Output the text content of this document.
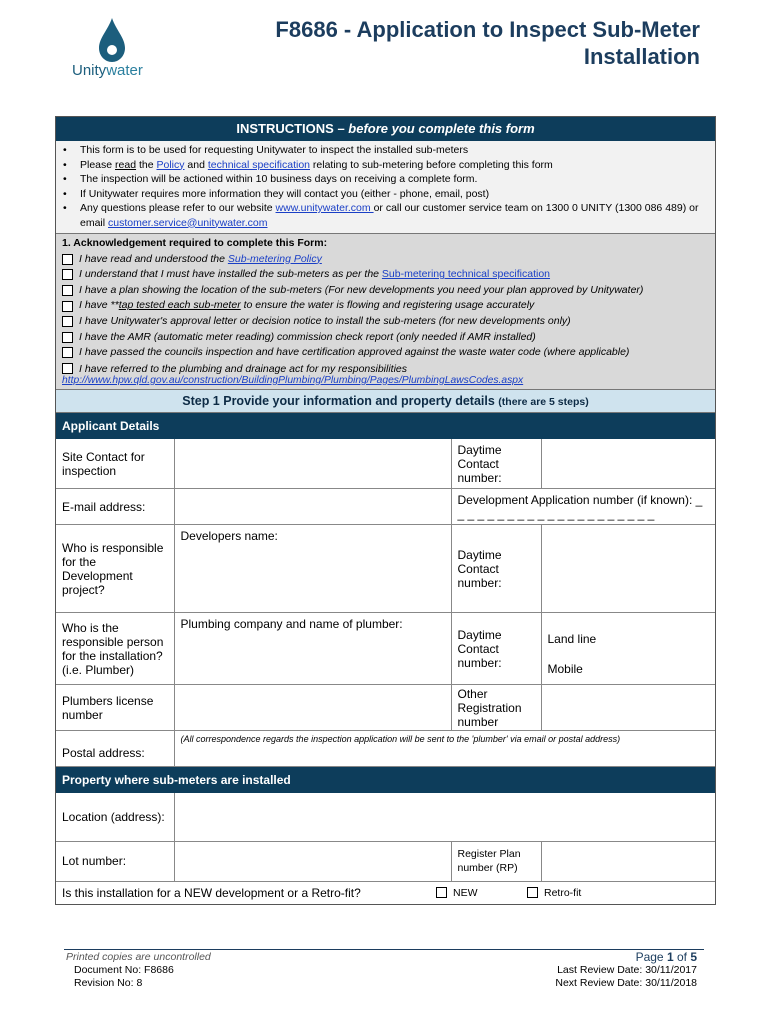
Unitywater
F8686 - Application to Inspect Sub-Meter Installation
INSTRUCTIONS – before you complete this form
• This form is to be used for requesting Unitywater to inspect the installed sub-meters
• Please read the Policy and technical specification relating to sub-metering before completing this form
• The inspection will be actioned within 10 business days on receiving a complete form.
• If Unitywater requires more information they will contact you (either - phone, email, post)
• Any questions please refer to our website www.unitywater.com or call our customer service team on 1300 0 UNITY (1300 086 489) or email customer.service@unitywater.com
1. Acknowledgement required to complete this Form:
I have read and understood the Sub-metering Policy
I understand that I must have installed the sub-meters as per the Sub-metering technical specification
I have a plan showing the location of the sub-meters (For new developments you need your plan approved by Unitywater)
I have **tap tested each sub-meter to ensure the water is flowing and registering usage accurately
I have Unitywater's approval letter or decision notice to install the sub-meters (for new developments only)
I have the AMR (automatic meter reading) commission check report (only needed if AMR installed)
I have passed the councils inspection and have certification approved against the waste water code (where applicable)
I have referred to the plumbing and drainage act for my responsibilities
http://www.hpw.qld.gov.au/construction/BuildingPlumbing/Plumbing/Pages/PlumbingLawsCodes.aspx
Step 1 Provide your information and property details (there are 5 steps)
Applicant Details
Site Contact for inspection		Daytime Contact number:	
E-mail address:		Development Application number (if known): _ _ _ _ _ _ _ _ _ _ _ _ _ _ _ _ _ _ _ _ _	
Who is responsible for the Development project?	Developers name:	Daytime Contact number:	
Who is the responsible person for the installation? (i.e. Plumber)	Plumbing company and name of plumber:	Daytime Contact number:	Land line
Mobile

Plumbers license number		Other Registration number	
Postal address:	(All correspondence regards the inspection application will be sent to the 'plumber' via email or postal address)		
Property where sub-meters are installed
Location (address):			
Lot number:		Register Plan number (RP)	
Is this installation for a NEW development or a Retro-fit?	NEW	Retro-fit
Printed copies are uncontrolled
Document No: F8686
Revision No: 8
Page 1 of 5
Last Review Date: 30/11/2017
Next Review Date: 30/11/2018
